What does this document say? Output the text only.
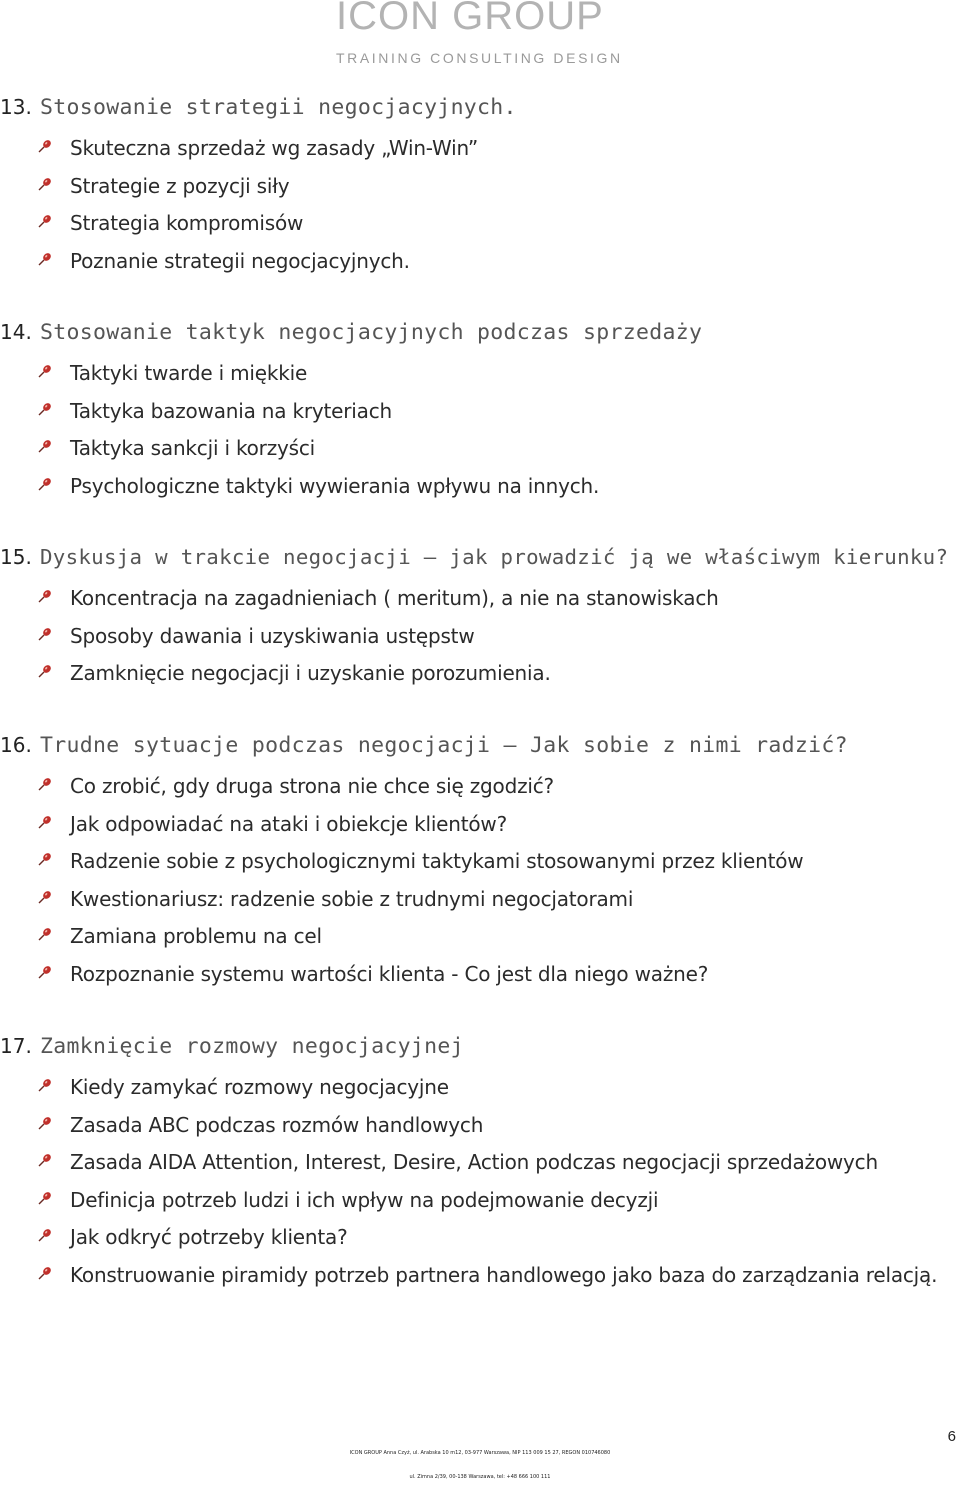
ICON GROUP
TRAINING CONSULTING DESIGN
13. Stosowanie strategii negocjacyjnych.
Skuteczna sprzedaż wg zasady „Win-Win”
Strategie z pozycji siły
Strategia kompromisów
Poznanie strategii negocjacyjnych.
14. Stosowanie taktyk negocjacyjnych podczas sprzedaży
Taktyki twarde i miękkie
Taktyka bazowania na kryteriach
Taktyka sankcji i korzyści
Psychologiczne taktyki wywierania wpływu na innych.
15. Dyskusja w trakcie negocjacji – jak prowadzić ją we właściwym kierunku?
Koncentracja na zagadnieniach ( meritum), a nie na stanowiskach
Sposoby dawania i uzyskiwania ustępstw
Zamknięcie negocjacji i uzyskanie porozumienia.
16. Trudne sytuacje podczas negocjacji – Jak sobie z nimi radzić?
Co zrobić, gdy druga strona nie chce się zgodzić?
Jak odpowiadać na ataki i obiekcje klientów?
Radzenie sobie z psychologicznymi taktykami stosowanymi przez klientów
Kwestionariusz: radzenie sobie z trudnymi negocjatorami
Zamiana problemu na cel
Rozpoznanie systemu wartości klienta - Co jest dla niego ważne?
17. Zamknięcie rozmowy negocjacyjnej
Kiedy zamykać rozmowy negocjacyjne
Zasada ABC podczas rozmów handlowych
Zasada AIDA Attention, Interest, Desire, Action podczas negocjacji sprzedażowych
Definicja potrzeb ludzi i ich wpływ na podejmowanie decyzji
Jak odkryć potrzeby klienta?
Konstruowanie piramidy potrzeb partnera handlowego jako baza do zarządzania relacją.
6
ICON GROUP Anna Czyż, ul. Arabska 10 m12, 03-977 Warszawa, NIP 113 009 15 27, REGON 010746080
ul. Zimna 2/39, 00-138 Warszawa, tel: +48 666 100 111
